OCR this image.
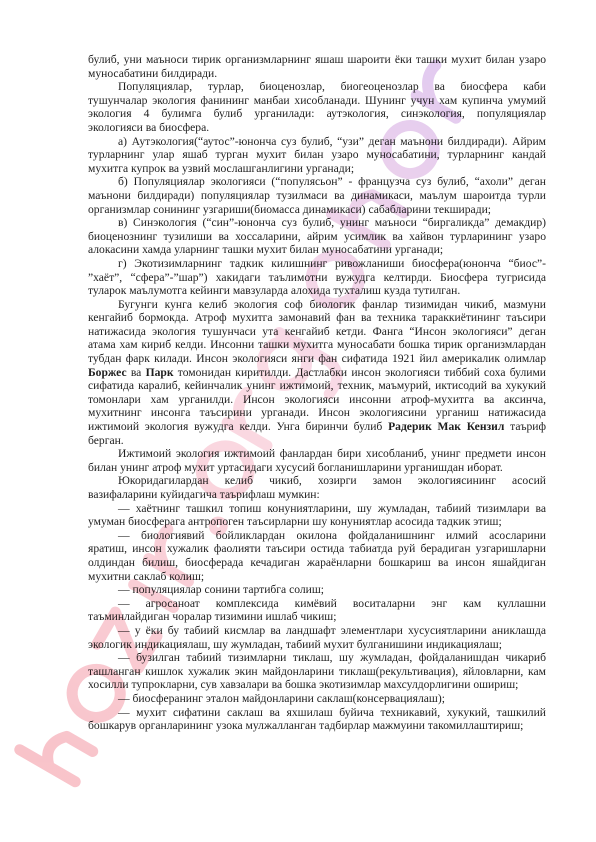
булиб, уни маъноси тирик организмларнинг яшаш шароити ёки ташки мухит билан узаро
муносабатини билдиради.
Популяциялар, турлар, биоценозлар, биогеоценозлар ва биосфера каби
тушунчалар экология фанининг манбаи хисобланади. Шунинг учун хам купинча умумий
экология 4 булимга булиб урганилади: аутэкология, синэкология, популяциялар
экологияси ва биосфера.
а) Аутэкология(“аутос”-юнонча суз булиб, “узи” деган маънони билдиради). Айрим
турларнинг улар яшаб турган мухит билан узаро муносабатини, турларнинг кандай
мухитга купрок ва узвий мослашганлигини урганади;
б) Популяциялар экологияси (“популясьон” - французча суз булиб, “ахоли” деган
маънони билдиради) популяциялар тузилмаси ва динамикаси, маълум шароитда турли
организмлар сонининг узгариши(биомасса динамикаси) сабабларини текширади;
в) Синэкология (“син”-юнонча суз булиб, унинг маъноси “биргаликда” демакдир)
биоценознинг тузилиши ва хоссаларини, айрим усимлик ва хайвон турларининг узаро
алокасини хамда уларнинг ташки мухит билан муносабатини урганади;
г) Экотизимларнинг тадкик килишнинг ривожланиши биосфера(юнонча “биос”-
”хаёт”, “сфера”-”шар”) хакидаги таълимотни вужудга келтирди. Биосфера тугрисида
туларок маълумотга кейинги мавзуларда алохида тухталиш кузда тутилган.
Бугунги кунга келиб экология соф биологик фанлар тизимидан чикиб, мазмуни
кенгайиб бормокда. Атроф мухитга замонавий фан ва техника тараккиётининг таъсири
натижасида экология тушунчаси ута кенгайиб кетди. Фанга “Инсон экологияси” деган
атама хам кириб келди. Инсонни ташки мухитга муносабати бошка тирик организмлардан
тубдан фарк килади. Инсон экологияси янги фан сифатида 1921 йил америкалик олимлар
Боржес ва Парк томонидан киритилди. Дастлабки инсон экологияси тиббий соха булими
сифатида каралиб, кейинчалик унинг ижтимоий, техник, маъмурий, иктисодий ва хукукий
томонлари хам урганилди. Инсон экологияси инсонни атроф-мухитга ва аксинча,
мухитнинг инсонга таъсирини урганади. Инсон экологиясини урганиш натижасида
ижтимоий экология вужудга келди. Унга биринчи булиб Радерик Мак Кензил таъриф
берган.
Ижтимоий экология ижтимоий фанлардан бири хисобланиб, унинг предмети инсон
билан унинг атроф мухит уртасидаги хусусий богланишларини урганишдан иборат.
Юкоридагилардан келиб чикиб, хозирги замон экологиясининг асосий
вазифаларини куйидагича таърифлаш мумкин:
— хаётнинг ташкил топиш конуниятларини, шу жумладан, табиий тизимлари ва
умуман биосферага антропоген таъсирларни шу конуниятлар асосида тадкик этиш;
— биологиявий бойликлардан окилона фойдаланишнинг илмий асосларини
яратиш, инсон хужалик фаолияти таъсири остида табиатда руй берадиган узгаришларни
олдиндан билиш, биосферада кечадиган жараёнларни бошкариш ва инсон яшайдиган
мухитни саклаб колиш;
— популяциялар сонини тартибга солиш;
— агросаноат комплексида кимёвий воситаларни энг кам куллашни
таъминлайдиган чоралар тизимини ишлаб чикиш;
— у ёки бу табиий кисмлар ва ландшафт элементлари хусусиятларини аниклашда
экологик индикациялаш, шу жумладан, табиий мухит булганишини индикациялаш;
— бузилган табиий тизимларни тиклаш, шу жумладан, фойдаланишдан чикариб
ташланган кишлок хужалик экин майдонларини тиклаш(рекультивация), яйловларни, кам
хосилли тупрокларни, сув хавзалари ва бошка экотизимлар махсулдорлигини ошириш;
— биосферанинг эталон майдонларини саклаш(консервациялаш);
— мухит сифатини саклаш ва яхшилаш буйича техникавий, хукукий, ташкилий
бошкарув органларининг узока мулжалланган тадбирлар мажмуини такомиллаштириш;
